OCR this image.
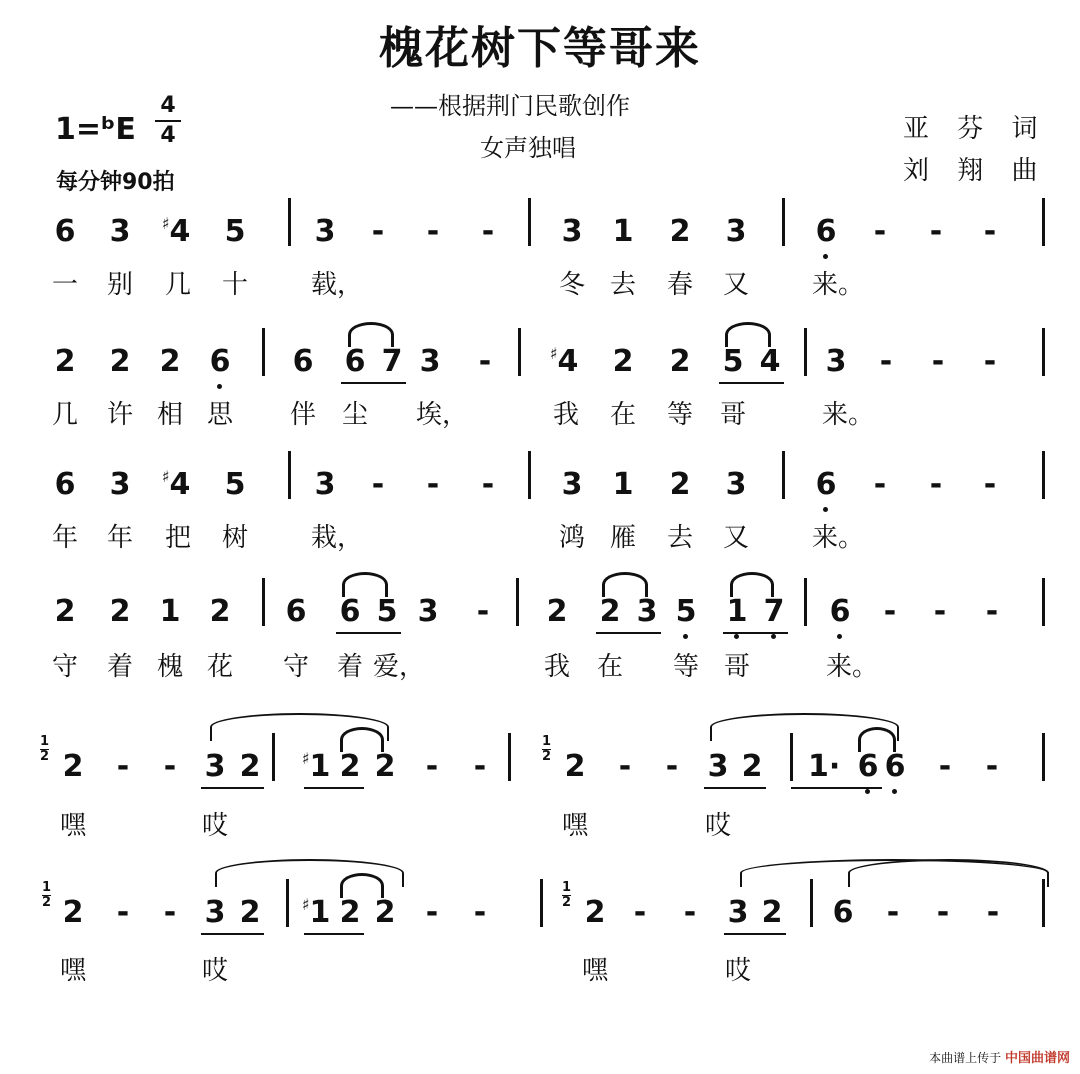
槐花树下等哥来
1=ᵇE
4
4
每分钟90拍
——根据荆门民歌创作
女声独唱
亚 芬 词
刘 翔 曲
6 3	♯4 5 3 - - - 3 1 2 3 6 - - -
一 别 几 十 载，	冬 去 春 又 来。
2 2 2 6 6 6 7 3 -	♯4 2 2 5 4 3 - - -
几 许 相 思 伴 尘 埃，	我 在 等 哥	来。
6 3	♯4 5 3 - - - 3 1 2 3 6 - - -
年 年 把 树 栽，	鸿 雁 去 又 来。
2 2 1 2 6 6 5 3 - 2 2 3 5 1 7 6 - - -
守 着 槐 花 守 着 爱，	我 在 等 哥	来。
2 - - 3 2	♯1 2 2 - -	2 - - 3 2 1· 6 6 - -
嘿	哎	嘿	哎
$\frac{1}{2}$	$\frac{1}{2}$
2 - - 3 2	♯1 2 2 - -	2 - - 3 2 6 - - -
嘿	哎	嘿	哎
$\frac{1}{2}$	$\frac{1}{2}$
本曲谱上传于 中国曲谱网
